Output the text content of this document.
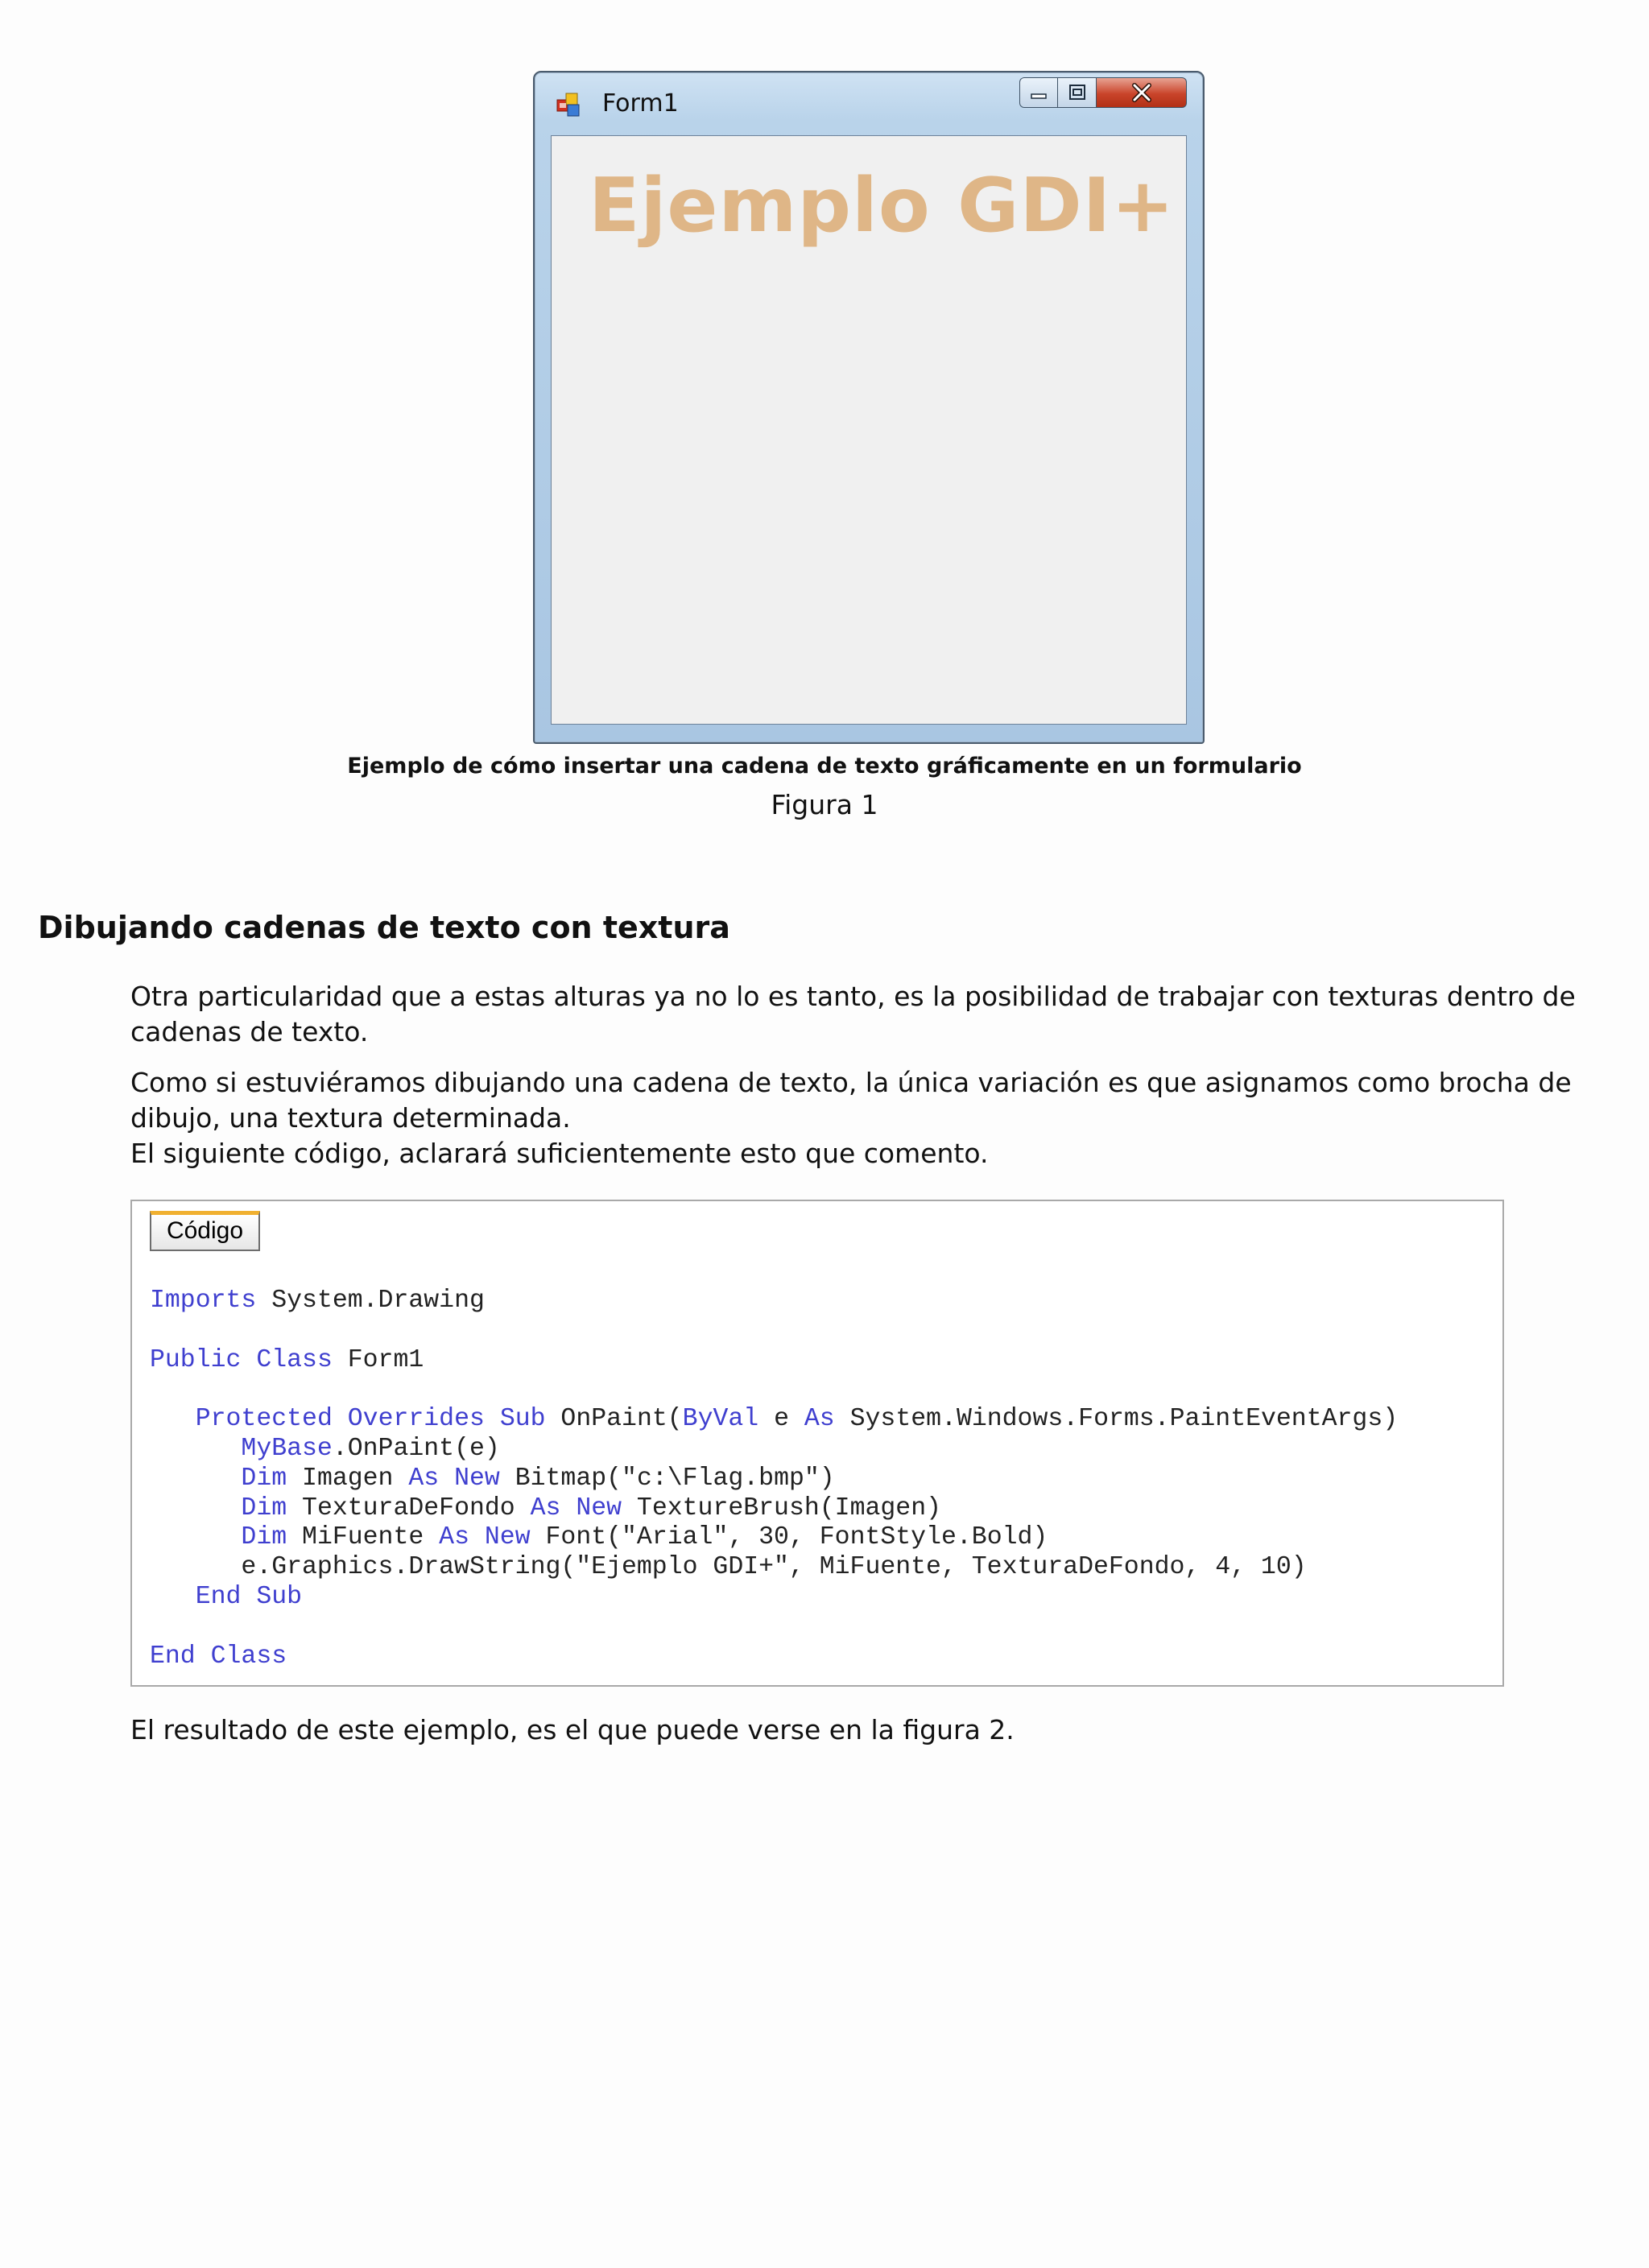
Form1
Ejemplo GDI+
Ejemplo de cómo insertar una cadena de texto gráficamente en un formulario
Figura 1
Dibujando cadenas de texto con textura
Otra particularidad que a estas alturas ya no lo es tanto, es la posibilidad de trabajar con texturas dentro de cadenas de texto.
Como si estuviéramos dibujando una cadena de texto, la única variación es que asignamos como brocha de dibujo, una textura determinada.
El siguiente código, aclarará suficientemente esto que comento.
Código
Imports System.Drawing
Public Class Form1
Protected Overrides Sub OnPaint(ByVal e As System.Windows.Forms.PaintEventArgs)
MyBase.OnPaint(e)
Dim Imagen As New Bitmap("c:\Flag.bmp")
Dim TexturaDeFondo As New TextureBrush(Imagen)
Dim MiFuente As New Font("Arial", 30, FontStyle.Bold)
e.Graphics.DrawString("Ejemplo GDI+", MiFuente, TexturaDeFondo, 4, 10)
End Sub
End Class
El resultado de este ejemplo, es el que puede verse en la figura 2.
